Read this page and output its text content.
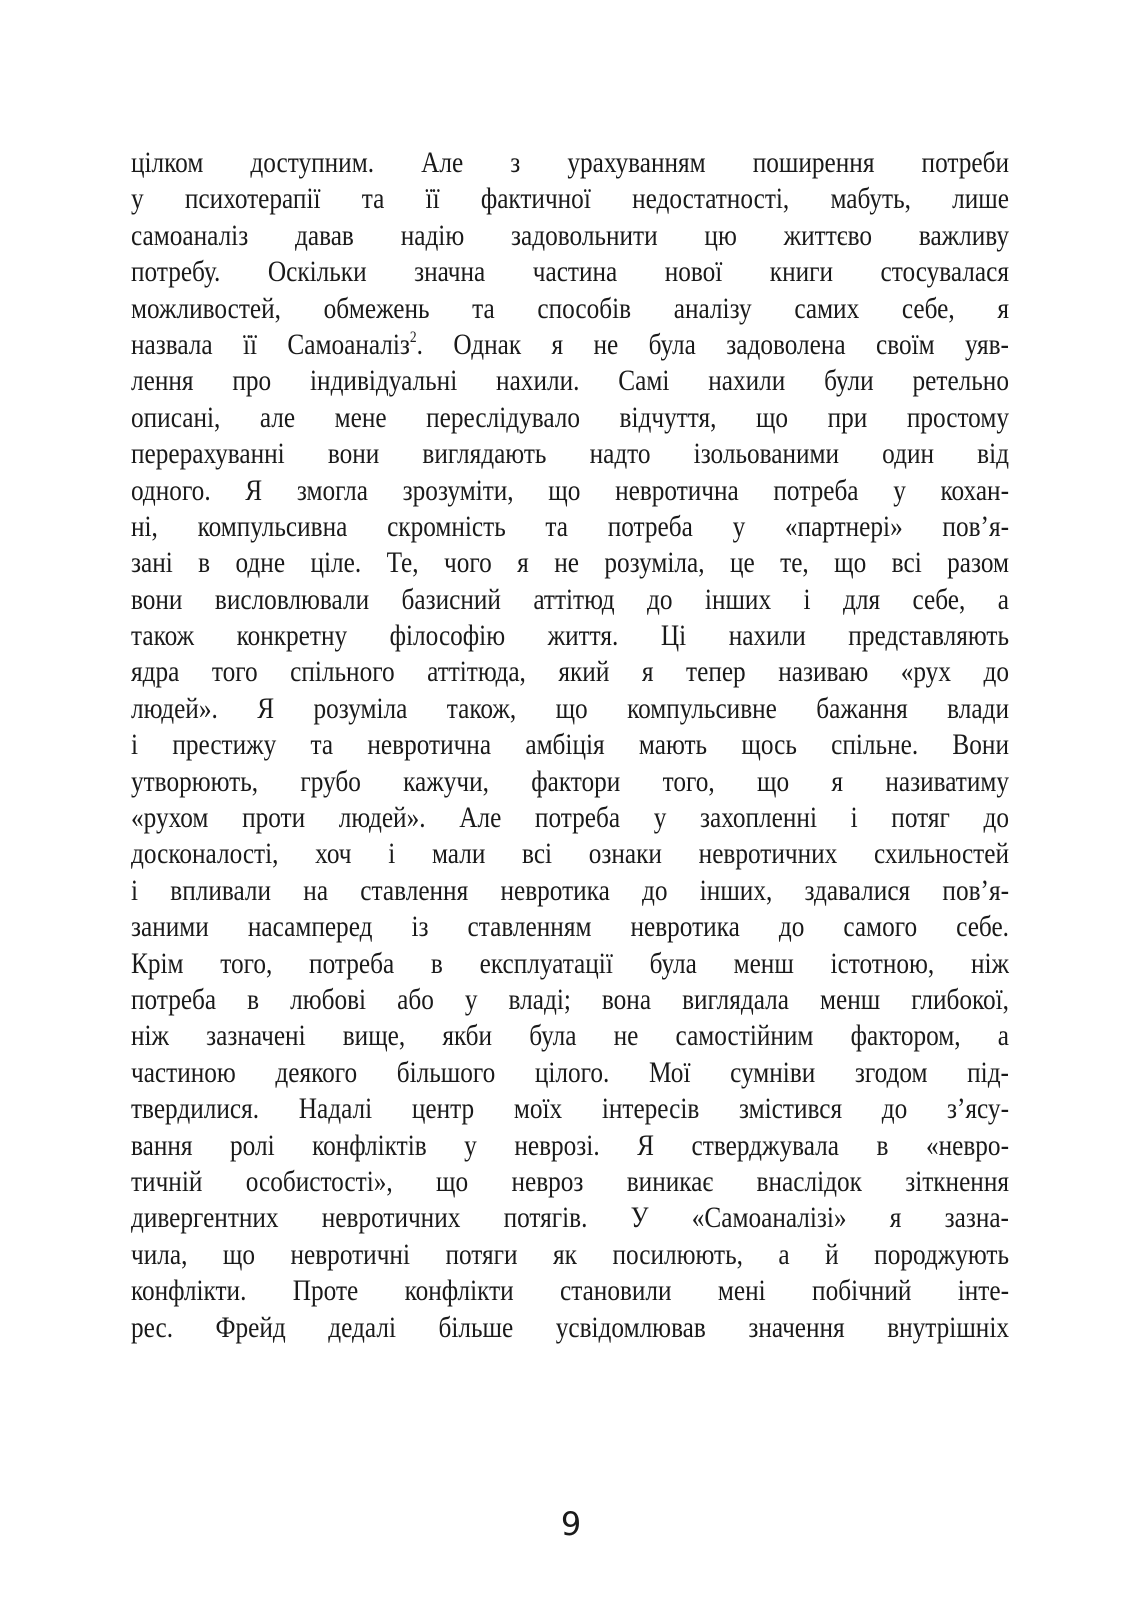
цілком доступним. Але з урахуванням поширення потреби
у психотерапії та її фактичної недостатності, мабуть, лише
самоаналіз давав надію задовольнити цю життєво важливу
потребу. Оскільки значна частина нової книги стосувалася
можливостей, обмежень та способів аналізу самих себе, я
назвала її Самоаналіз$^2$. Однак я не була задоволена своїм уяв-
лення про індивідуальні нахили. Самі нахили були ретельно
описані, але мене переслідувало відчуття, що при простому
перерахуванні вони виглядають надто ізольованими один від
одного. Я змогла зрозуміти, що невротична потреба у кохан-
ні, компульсивна скромність та потреба у «партнері» пов’я-
зані в одне ціле. Те, чого я не розуміла, це те, що всі разом
вони висловлювали базисний аттітюд до інших і для себе, а
також конкретну філософію життя. Ці нахили представляють
ядра того спільного аттітюда, який я тепер називаю «рух до
людей». Я розуміла також, що компульсивне бажання влади
і престижу та невротична амбіція мають щось спільне. Вони
утворюють, грубо кажучи, фактори того, що я називатиму
«рухом проти людей». Але потреба у захопленні і потяг до
досконалості, хоч і мали всі ознаки невротичних схильностей
і впливали на ставлення невротика до інших, здавалися пов’я-
заними насамперед із ставленням невротика до самого себе.
Крім того, потреба в експлуатації була менш істотною, ніж
потреба в любові або у владі; вона виглядала менш глибокої,
ніж зазначені вище, якби була не самостійним фактором, а
частиною деякого більшого цілого. Мої сумніви згодом під-
твердилися. Надалі центр моїх інтересів змістився до з’ясу-
вання ролі конфліктів у неврозі. Я стверджувала в «невро-
тичній особистості», що невроз виникає внаслідок зіткнення
дивергентних невротичних потягів. У «Самоаналізі» я зазна-
чила, що невротичні потяги як посилюють, а й породжують
конфлікти. Проте конфлікти становили мені побічний інте-
рес. Фрейд дедалі більше усвідомлював значення внутрішніх
9
